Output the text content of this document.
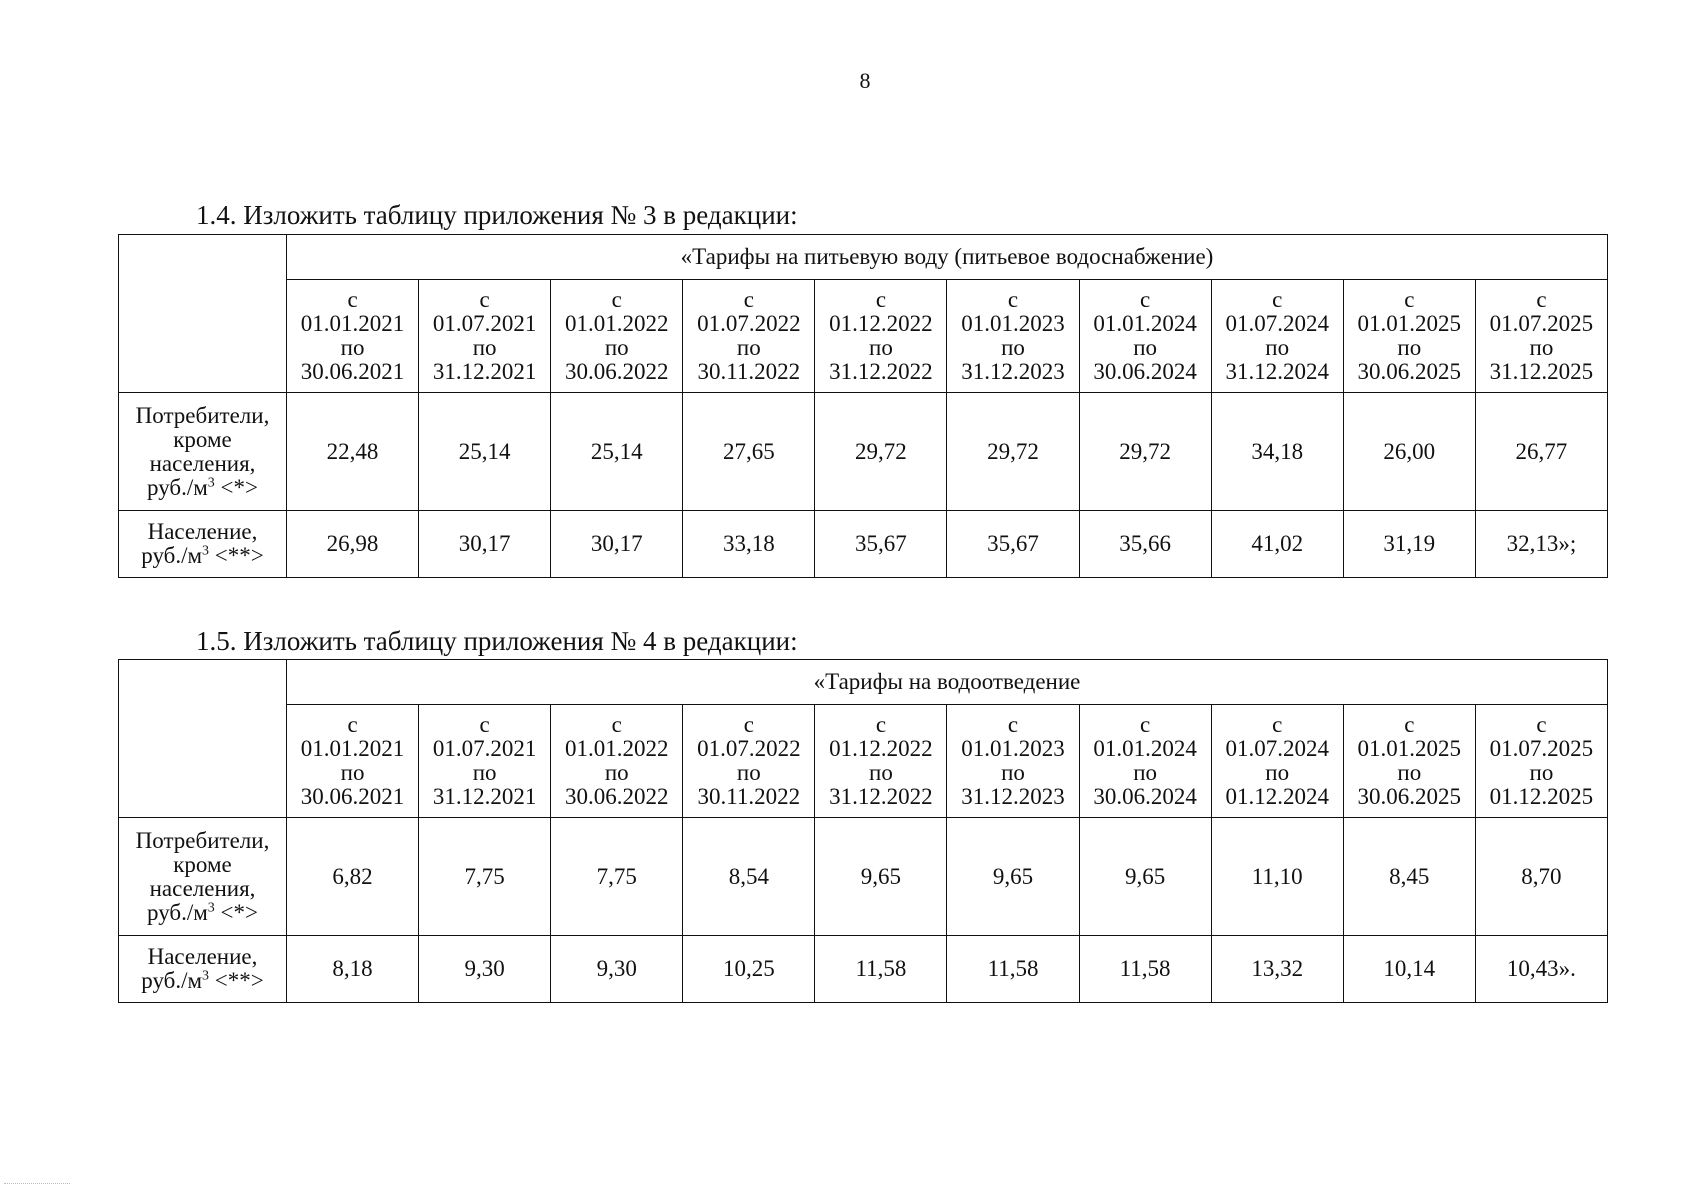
8
1.4. Изложить таблицу приложения № 3 в редакции:
	«Тарифы на питьевую воду (питьевое водоснабжение)									

	с
01.01.2021
по
30.06.2021	с
01.07.2021
по
31.12.2021	с
01.01.2022
по
30.06.2022	с
01.07.2022
по
30.11.2022	с
01.12.2022
по
31.12.2022	с
01.01.2023
по
31.12.2023	с
01.01.2024
по
30.06.2024	с
01.07.2024
по
31.12.2024	с
01.01.2025
по
30.06.2025	с
01.07.2025
по
31.12.2025

Потребители,
кроме
населения,
$руб./м^3$ <*>	22,48	25,14	25,14	27,65	29,72	29,72	29,72	34,18	26,00	26,77

Население,
$руб./м^3$ <**>	26,98	30,17	30,17	33,18	35,67	35,67	35,66	41,02	31,19	32,13»;
1.5. Изложить таблицу приложения № 4 в редакции:
	«Тарифы на водоотведение									

	с
01.01.2021
по
30.06.2021	с
01.07.2021
по
31.12.2021	с
01.01.2022
по
30.06.2022	с
01.07.2022
по
30.11.2022	с
01.12.2022
по
31.12.2022	с
01.01.2023
по
31.12.2023	с
01.01.2024
по
30.06.2024	с
01.07.2024
по
01.12.2024	с
01.01.2025
по
30.06.2025	с
01.07.2025
по
01.12.2025

Потребители,
кроме
населения,
$руб./м^3$ <*>	6,82	7,75	7,75	8,54	9,65	9,65	9,65	11,10	8,45	8,70

Население,
$руб./м^3$ <**>	8,18	9,30	9,30	10,25	11,58	11,58	11,58	13,32	10,14	10,43».
